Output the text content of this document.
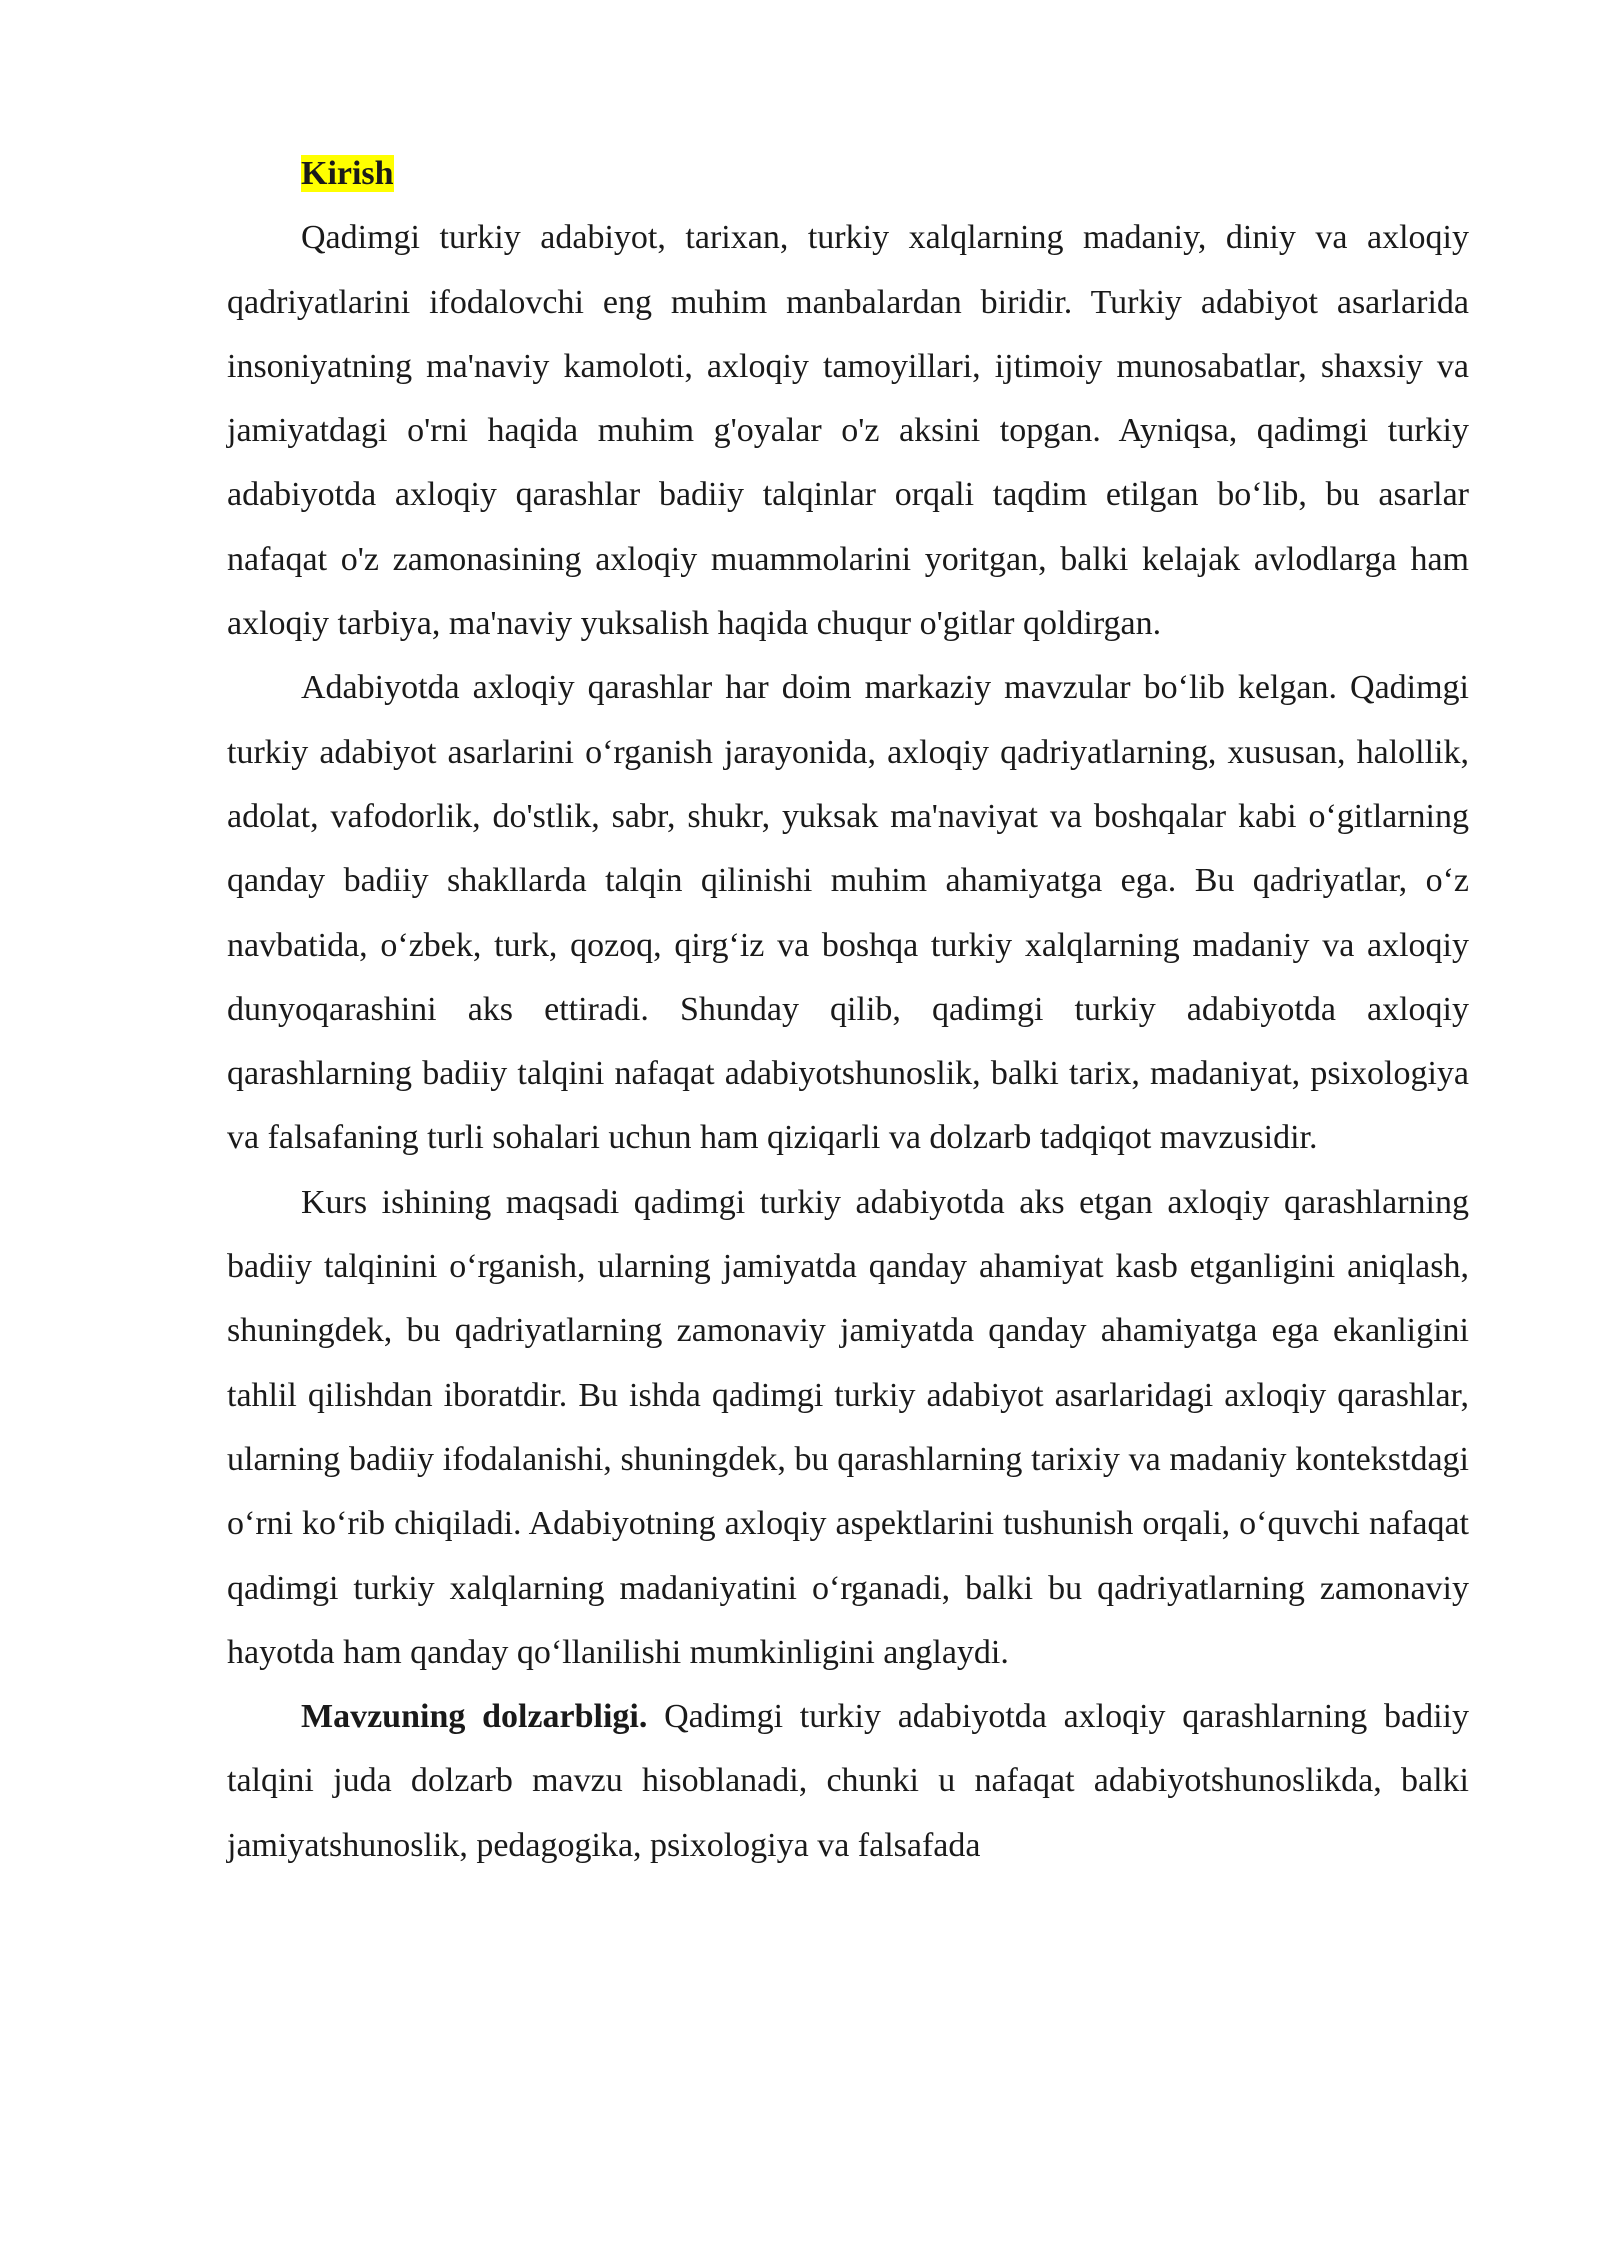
Kirish

Qadimgi turkiy adabiyot, tarixan, turkiy xalqlarning madaniy, diniy va axloqiy qadriyatlarini ifodalovchi eng muhim manbalardan biridir. Turkiy adabiyot asarlarida insoniyatning ma'naviy kamoloti, axloqiy tamoyillari, ijtimoiy munosabatlar, shaxsiy va jamiyatdagi o'rni haqida muhim g'oyalar o'z aksini topgan. Ayniqsa, qadimgi turkiy adabiyotda axloqiy qarashlar badiiy talqinlar orqali taqdim etilgan bo‘lib, bu asarlar nafaqat o'z zamonasining axloqiy muammolarini yoritgan, balki kelajak avlodlarga ham axloqiy tarbiya, ma'naviy yuksalish haqida chuqur o'gitlar qoldirgan.

Adabiyotda axloqiy qarashlar har doim markaziy mavzular bo‘lib kelgan. Qadimgi turkiy adabiyot asarlarini o‘rganish jarayonida, axloqiy qadriyatlarning, xususan, halollik, adolat, vafodorlik, do'stlik, sabr, shukr, yuksak ma'naviyat va boshqalar kabi o‘gitlarning qanday badiiy shakllarda talqin qilinishi muhim ahamiyatga ega. Bu qadriyatlar, o‘z navbatida, o‘zbek, turk, qozoq, qirg‘iz va boshqa turkiy xalqlarning madaniy va axloqiy dunyoqarashini aks ettiradi. Shunday qilib, qadimgi turkiy adabiyotda axloqiy qarashlarning badiiy talqini nafaqat adabiyotshunoslik, balki tarix, madaniyat, psixologiya va falsafaning turli sohalari uchun ham qiziqarli va dolzarb tadqiqot mavzusidir.

Kurs ishining maqsadi qadimgi turkiy adabiyotda aks etgan axloqiy qarashlarning badiiy talqinini o‘rganish, ularning jamiyatda qanday ahamiyat kasb etganligini aniqlash, shuningdek, bu qadriyatlarning zamonaviy jamiyatda qanday ahamiyatga ega ekanligini tahlil qilishdan iboratdir. Bu ishda qadimgi turkiy adabiyot asarlaridagi axloqiy qarashlar, ularning badiiy ifodalanishi, shuningdek, bu qarashlarning tarixiy va madaniy kontekstdagi o‘rni ko‘rib chiqiladi. Adabiyotning axloqiy aspektlarini tushunish orqali, o‘quvchi nafaqat qadimgi turkiy xalqlarning madaniyatini o‘rganadi, balki bu qadriyatlarning zamonaviy hayotda ham qanday qo‘llanilishi mumkinligini anglaydi.

Mavzuning dolzarbligi. Qadimgi turkiy adabiyotda axloqiy qarashlarning badiiy talqini juda dolzarb mavzu hisoblanadi, chunki u nafaqat adabiyotshunoslikda, balki jamiyatshunoslik, pedagogika, psixologiya va falsafada
